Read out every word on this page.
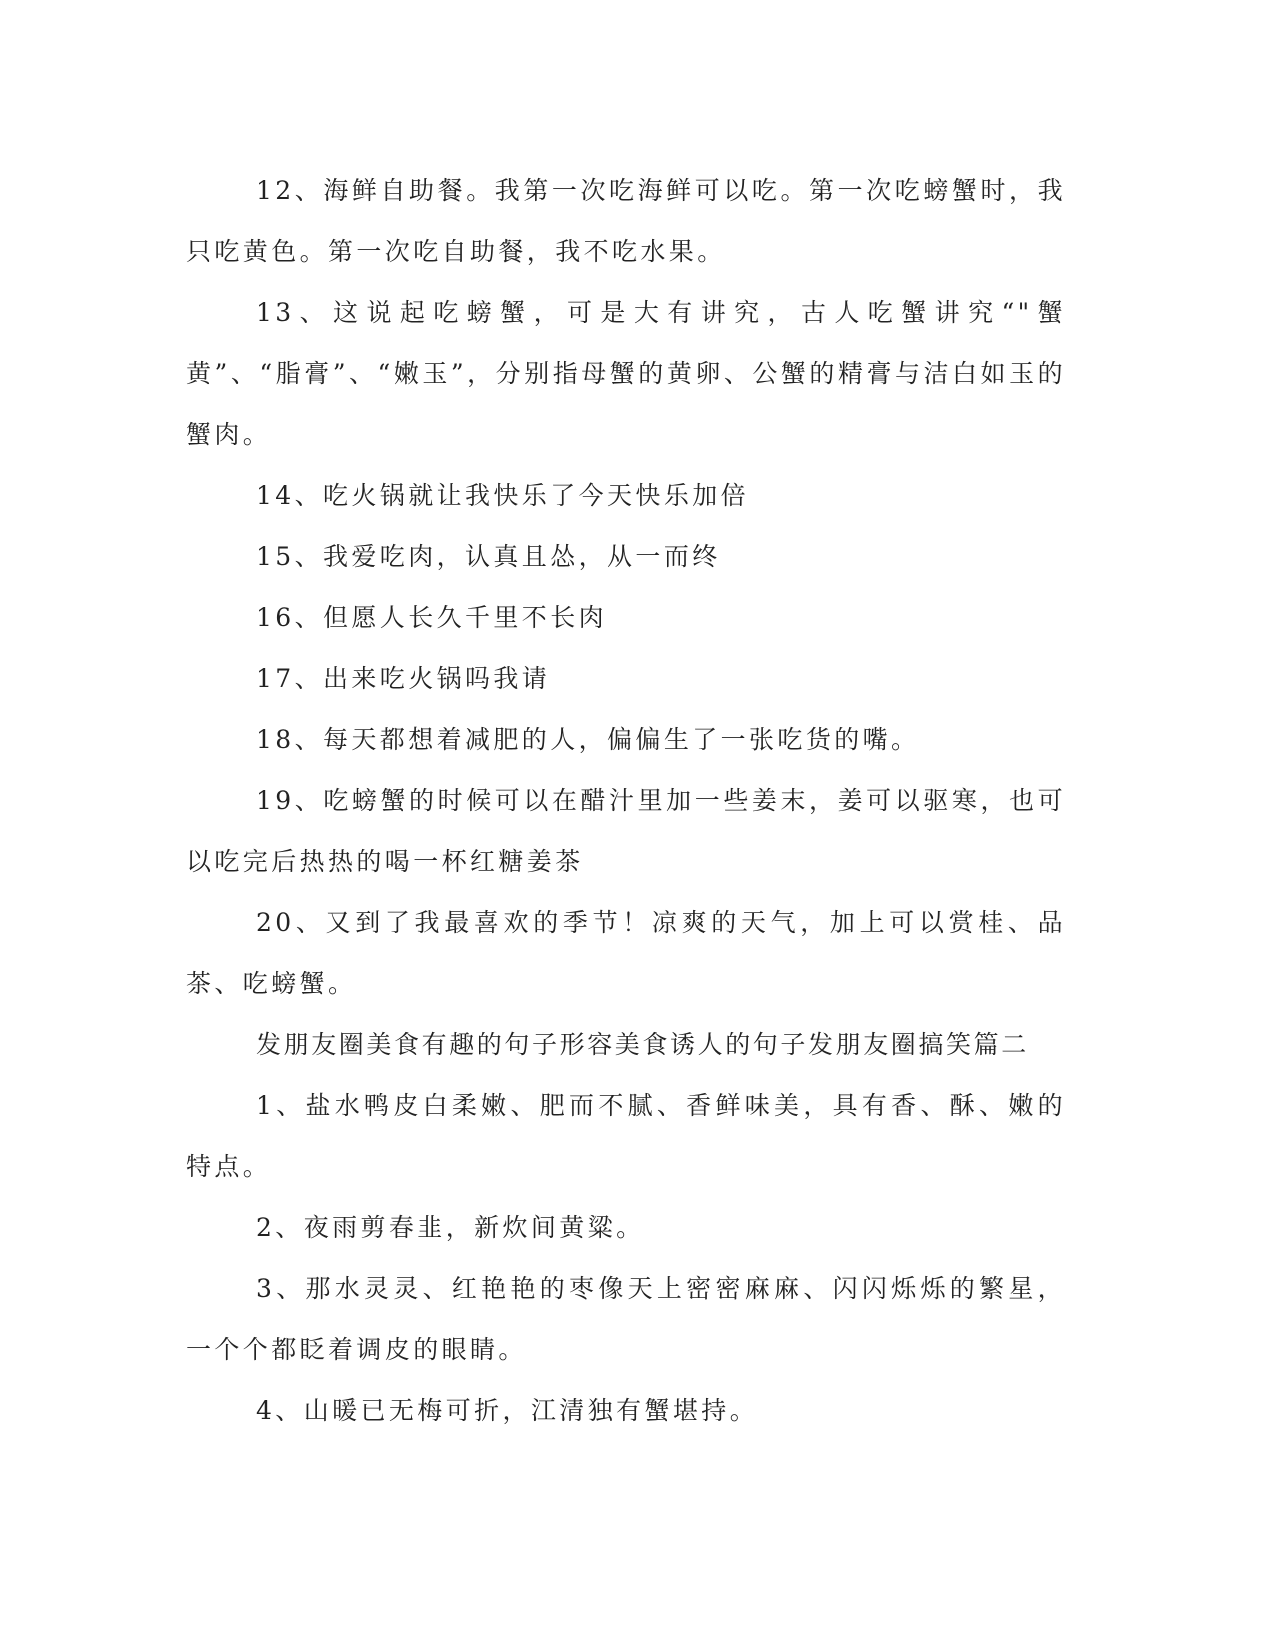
12、海鲜自助餐。我第一次吃海鲜可以吃。第一次吃螃蟹时，我只吃黄色。第一次吃自助餐，我不吃水果。

13、这说起吃螃蟹，可是大有讲究，古人吃蟹讲究“"蟹黄”、“脂膏”、“嫩玉”，分别指母蟹的黄卵、公蟹的精膏与洁白如玉的蟹肉。

14、吃火锅就让我快乐了今天快乐加倍

15、我爱吃肉，认真且怂，从一而终

16、但愿人长久千里不长肉

17、出来吃火锅吗我请

18、每天都想着减肥的人，偏偏生了一张吃货的嘴。

19、吃螃蟹的时候可以在醋汁里加一些姜末，姜可以驱寒，也可以吃完后热热的喝一杯红糖姜茶

20、又到了我最喜欢的季节！凉爽的天气，加上可以赏桂、品茶、吃螃蟹。

发朋友圈美食有趣的句子形容美食诱人的句子发朋友圈搞笑篇二

1、盐水鸭皮白柔嫩、肥而不腻、香鲜味美，具有香、酥、嫩的特点。

2、夜雨剪春韭，新炊间黄粱。

3、那水灵灵、红艳艳的枣像天上密密麻麻、闪闪烁烁的繁星，一个个都眨着调皮的眼睛。

4、山暖已无梅可折，江清独有蟹堪持。
